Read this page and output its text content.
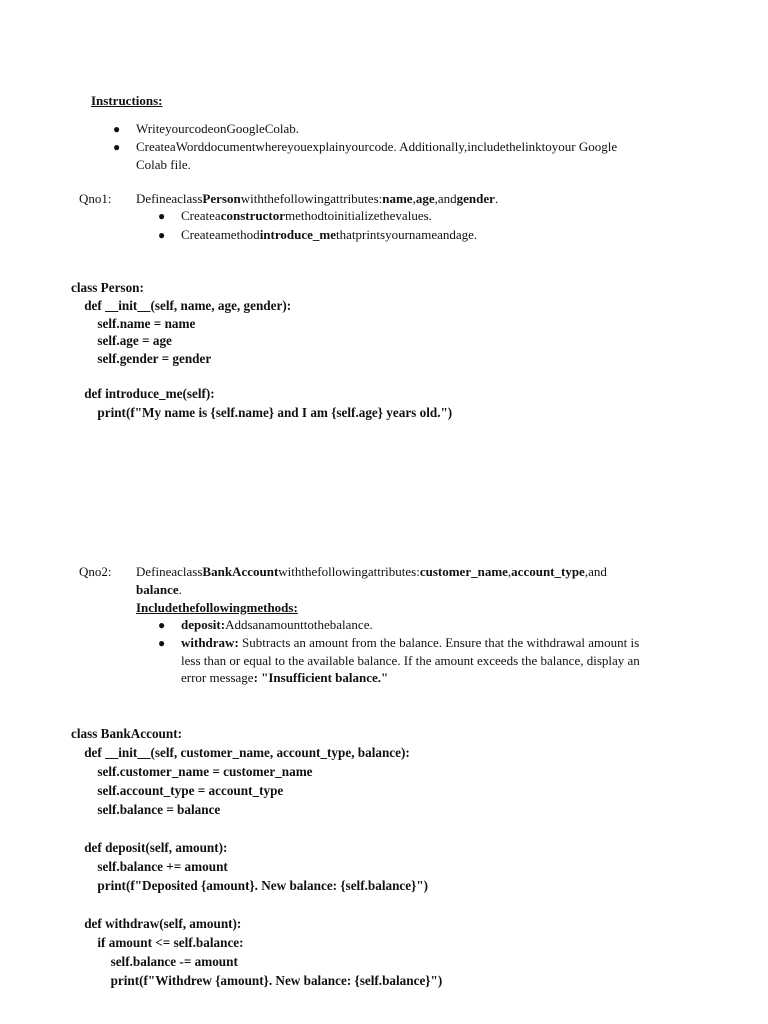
Instructions:
● WriteyourcodeonGoogleColab.
● CreateaWorddocumentwhereyouexplainyourcode. Additionally,includethelinktoyour Google
Colab file.
Qno1: DefineaclassPersonwiththefollowingattributes:name,age,andgender.
● Createaconstructormethodtoinitializethevalues.
● Createamethodintroduce_methatprintsyournameandage.
class Person:
def __init__(self, name, age, gender):
self.name = name
self.age = age
self.gender = gender
def introduce_me(self):
print(f"My name is {self.name} and I am {self.age} years old.")
Qno2: DefineaclassBankAccountwiththefollowingattributes:customer_name,account_type,and
balance.
Includethefollowingmethods:
● deposit:Addsanamounttothebalance.
● withdraw: Subtracts an amount from the balance. Ensure that the withdrawal amount is
less than or equal to the available balance. If the amount exceeds the balance, display an
error message: "Insufficient balance."
class BankAccount:
def __init__(self, customer_name, account_type, balance):
self.customer_name = customer_name
self.account_type = account_type
self.balance = balance
def deposit(self, amount):
self.balance += amount
print(f"Deposited {amount}. New balance: {self.balance}")
def withdraw(self, amount):
if amount <= self.balance:
self.balance -= amount
print(f"Withdrew {amount}. New balance: {self.balance}")
